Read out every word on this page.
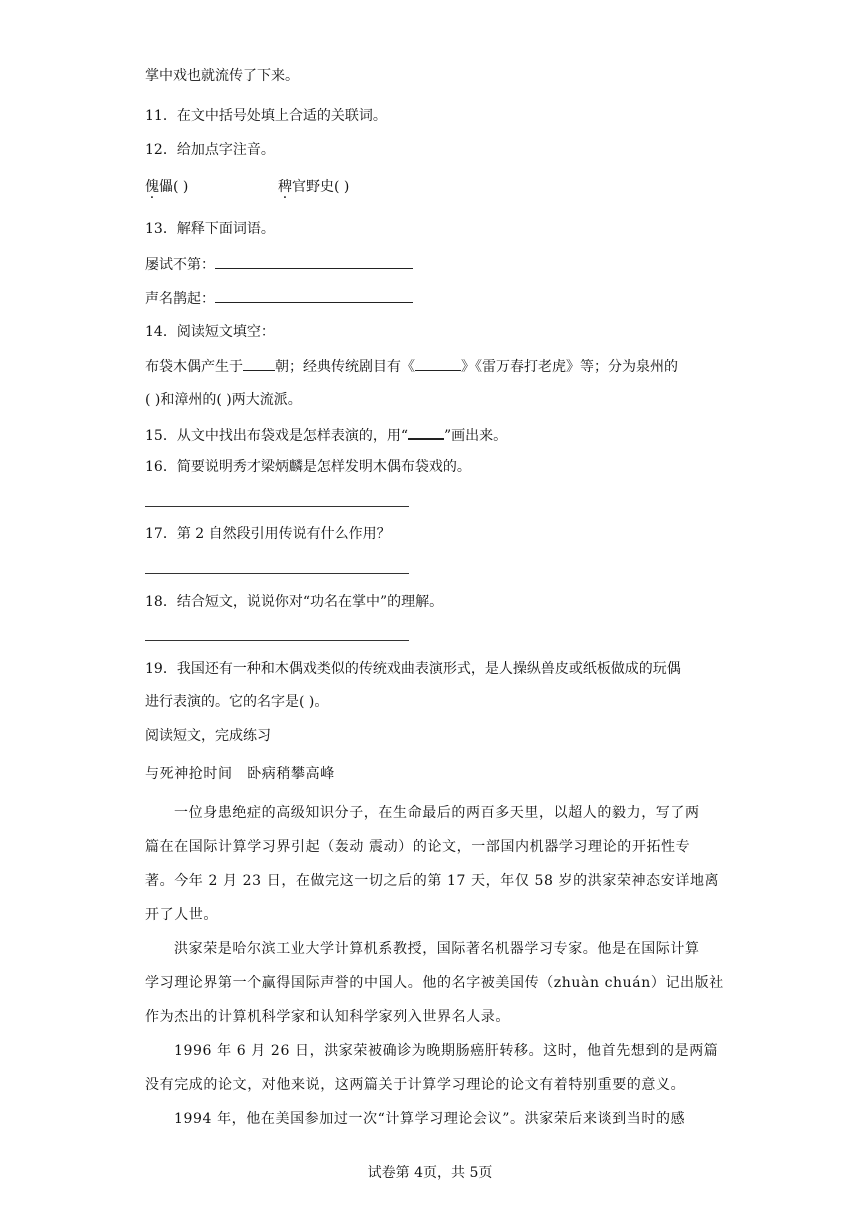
掌中戏也就流传了下来。
11．在文中括号处填上合适的关联词。
12．给加点字注音。
傀儡( )	稗官野史( )
13．解释下面词语。
屡试不第：
声名鹊起：
14．阅读短文填空：
布袋木偶产生于 朝；经典传统剧目有《	》《雷万春打老虎》等；分为泉州的
( )和漳州的( )两大流派。
15．从文中找出布袋戏是怎样表演的，用“	”画出来。
16．简要说明秀才梁炳麟是怎样发明木偶布袋戏的。
17．第 2 自然段引用传说有什么作用？
18．结合短文，说说你对“功名在掌中”的理解。
19．我国还有一种和木偶戏类似的传统戏曲表演形式，是人操纵兽皮或纸板做成的玩偶
进行表演的。它的名字是( )。
阅读短文，完成练习
与死神抢时间　卧病稍攀高峰
一位身患绝症的高级知识分子，在生命最后的两百多天里，以超人的毅力，写了两
篇在在国际计算学习界引起（轰动 震动）的论文，一部国内机器学习理论的开拓性专
著。今年 2 月 23 日，在做完这一切之后的第 17 天，年仅 58 岁的洪家荣神态安详地离
开了人世。
洪家荣是哈尔滨工业大学计算机系教授，国际著名机器学习专家。他是在国际计算
学习理论界第一个赢得国际声誉的中国人。他的名字被美国传（zhuàn chuán）记出版社
作为杰出的计算机科学家和认知科学家列入世界名人录。
1996 年 6 月 26 日，洪家荣被确诊为晚期肠癌肝转移。这时，他首先想到的是两篇
没有完成的论文，对他来说，这两篇关于计算学习理论的论文有着特别重要的意义。
1994 年，他在美国参加过一次“计算学习理论会议”。洪家荣后来谈到当时的感
试卷第 4页，共 5页
